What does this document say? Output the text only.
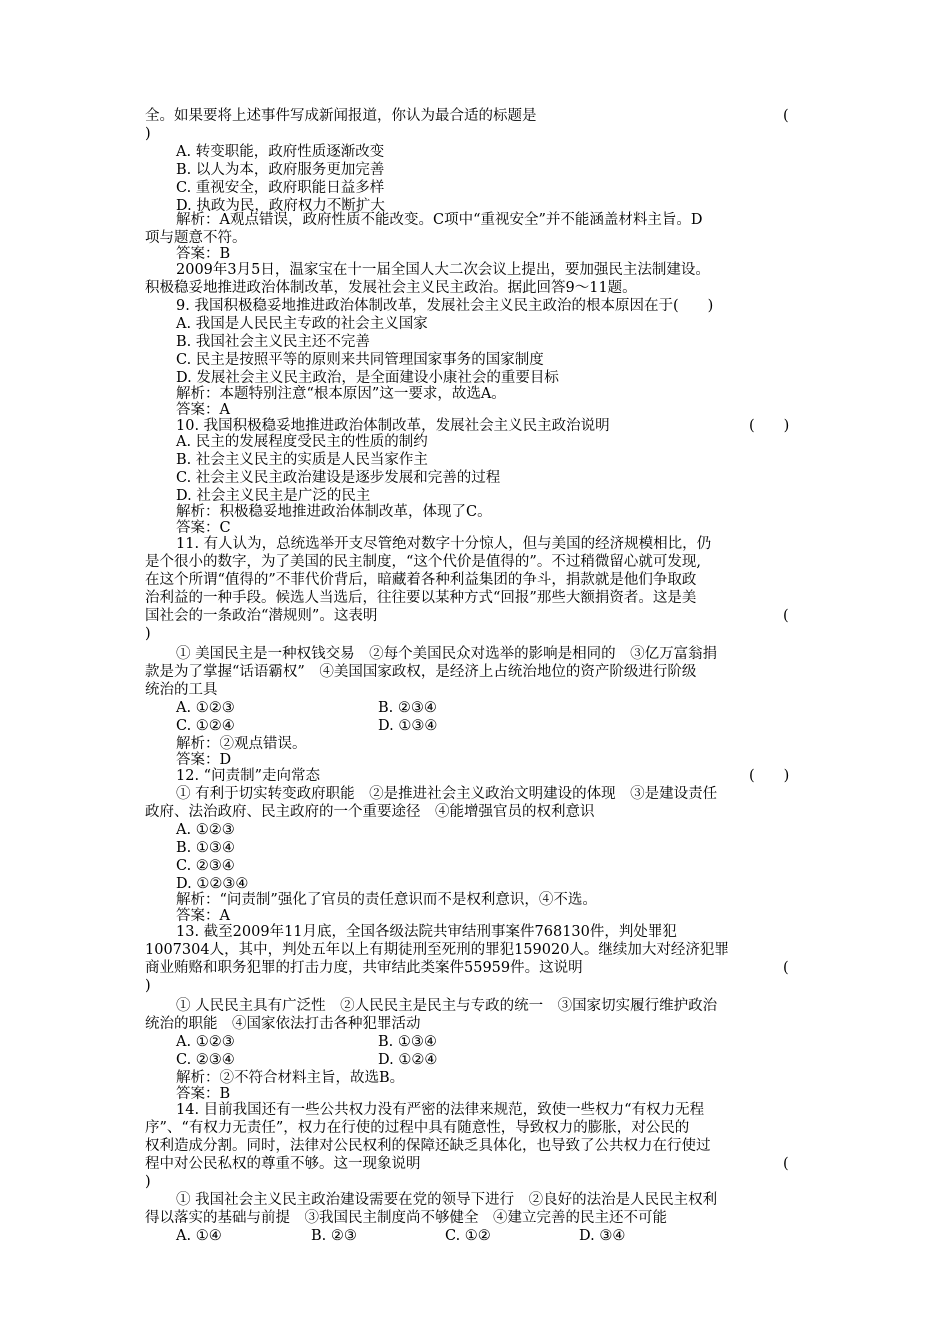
全。如果要将上述事件写成新闻报道，你认为最合适的标题是	(
)
A. 转变职能，政府性质逐渐改变
B. 以人为本，政府服务更加完善
C. 重视安全，政府职能日益多样
D. 执政为民，政府权力不断扩大
解析：A观点错误，政府性质不能改变。C项中“重视安全”并不能涵盖材料主旨。D
项与题意不符。
答案：B
2009年3月5日，温家宝在十一届全国人大二次会议上提出，要加强民主法制建设。
积极稳妥地推进政治体制改革，发展社会主义民主政治。据此回答9～11题。
9. 我国积极稳妥地推进政治体制改革，发展社会主义民主政治的根本原因在于(　　)
A. 我国是人民民主专政的社会主义国家
B. 我国社会主义民主还不完善
C. 民主是按照平等的原则来共同管理国家事务的国家制度
D. 发展社会主义民主政治，是全面建设小康社会的重要目标
解析：本题特别注意“根本原因”这一要求，故选A。
答案：A
10. 我国积极稳妥地推进政治体制改革，发展社会主义民主政治说明	(　　)
A. 民主的发展程度受民主的性质的制约
B. 社会主义民主的实质是人民当家作主
C. 社会主义民主政治建设是逐步发展和完善的过程
D. 社会主义民主是广泛的民主
解析：积极稳妥地推进政治体制改革，体现了C。
答案：C
11. 有人认为，总统选举开支尽管绝对数字十分惊人，但与美国的经济规模相比，仍
是个很小的数字，为了美国的民主制度，“这个代价是值得的”。不过稍微留心就可发现,
在这个所谓“值得的”不菲代价背后，暗藏着各种利益集团的争斗，捐款就是他们争取政
治利益的一种手段。候选人当选后，往往要以某种方式“回报”那些大额捐资者。这是美
国社会的一条政治“潜规则”。这表明	(
)
① 美国民主是一种权钱交易　②每个美国民众对选举的影响是相同的　③亿万富翁捐
款是为了掌握“话语霸权”　④美国国家政权，是经济上占统治地位的资产阶级进行阶级
统治的工具
A. ①②③	B. ②③④
C. ①②④	D. ①③④
解析：②观点错误。
答案：D
12. “问责制”走向常态	(　　)
① 有利于切实转变政府职能　②是推进社会主义政治文明建设的体现　③是建设责任
政府、法治政府、民主政府的一个重要途径　④能增强官员的权利意识
A. ①②③
B. ①③④
C. ②③④
D. ①②③④
解析：“问责制”强化了官员的责任意识而不是权利意识，④不选。
答案：A
13. 截至2009年11月底，全国各级法院共审结刑事案件768130件，判处罪犯
1007304人，其中，判处五年以上有期徒刑至死刑的罪犯159020人。继续加大对经济犯罪
商业贿赂和职务犯罪的打击力度，共审结此类案件55959件。这说明	(
)
① 人民民主具有广泛性　②人民民主是民主与专政的统一　③国家切实履行维护政治
统治的职能　④国家依法打击各种犯罪活动
A. ①②③	B. ①③④
C. ②③④	D. ①②④
解析：②不符合材料主旨，故选B。
答案：B
14. 目前我国还有一些公共权力没有严密的法律来规范，致使一些权力“有权力无程
序”、“有权力无责任”，权力在行使的过程中具有随意性，导致权力的膨胀，对公民的
权利造成分割。同时，法律对公民权利的保障还缺乏具体化，也导致了公共权力在行使过
程中对公民私权的尊重不够。这一现象说明	(
)
① 我国社会主义民主政治建设需要在党的领导下进行　②良好的法治是人民民主权利
得以落实的基础与前提　③我国民主制度尚不够健全　④建立完善的民主还不可能
A. ①④	B. ②③	C. ①②	D. ③④
